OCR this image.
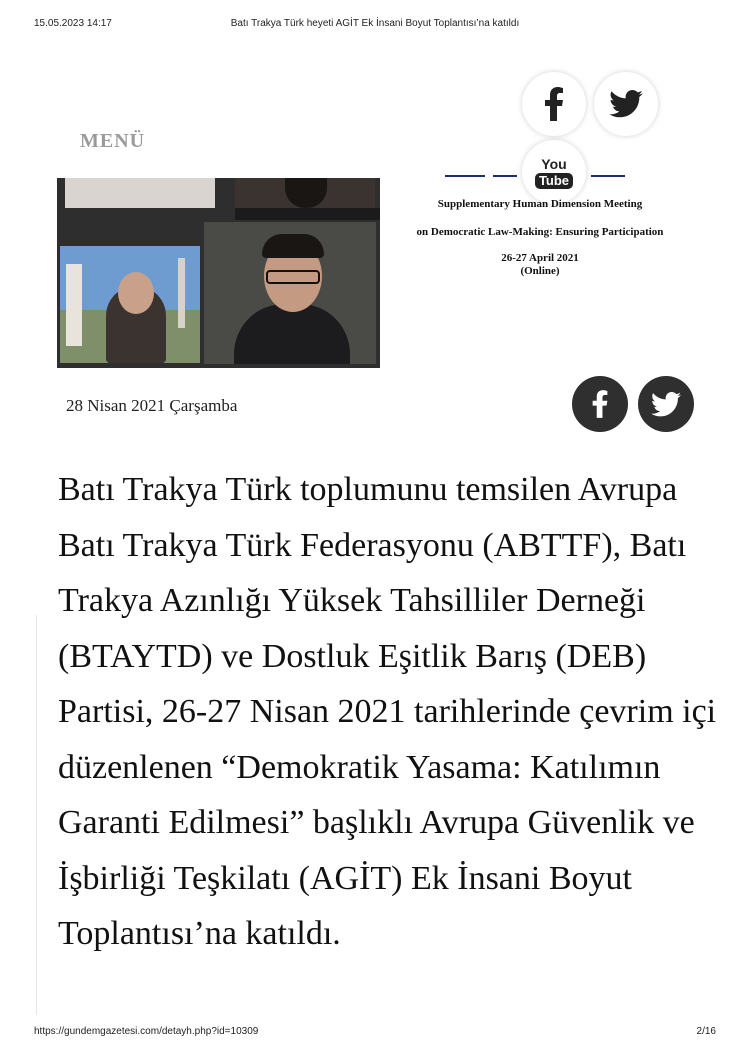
15.05.2023 14:17	Batı Trakya Türk heyeti AGİT Ek İnsani Boyut Toplantısı’na katıldı
MENÜ
You
Tube
Supplementary Human Dimension Meeting
on Democratic Law-Making: Ensuring Participation
26-27 April 2021
(Online)
28 Nisan 2021 Çarşamba
Batı Trakya Türk toplumunu temsilen Avrupa Batı Trakya Türk Federasyonu (ABTTF), Batı Trakya Azınlığı Yüksek Tahsilliler Derneği (BTAYTD) ve Dostluk Eşitlik Barış (DEB) Partisi, 26-27 Nisan 2021 tarihlerinde çevrim içi düzenlenen “Demokratik Yasama: Katılımın Garanti Edilmesi” başlıklı Avrupa Güvenlik ve İşbirliği Teşkilatı (AGİT) Ek İnsani Boyut Toplantısı’na katıldı.
https://gundemgazetesi.com/detayh.php?id=10309	2/16
